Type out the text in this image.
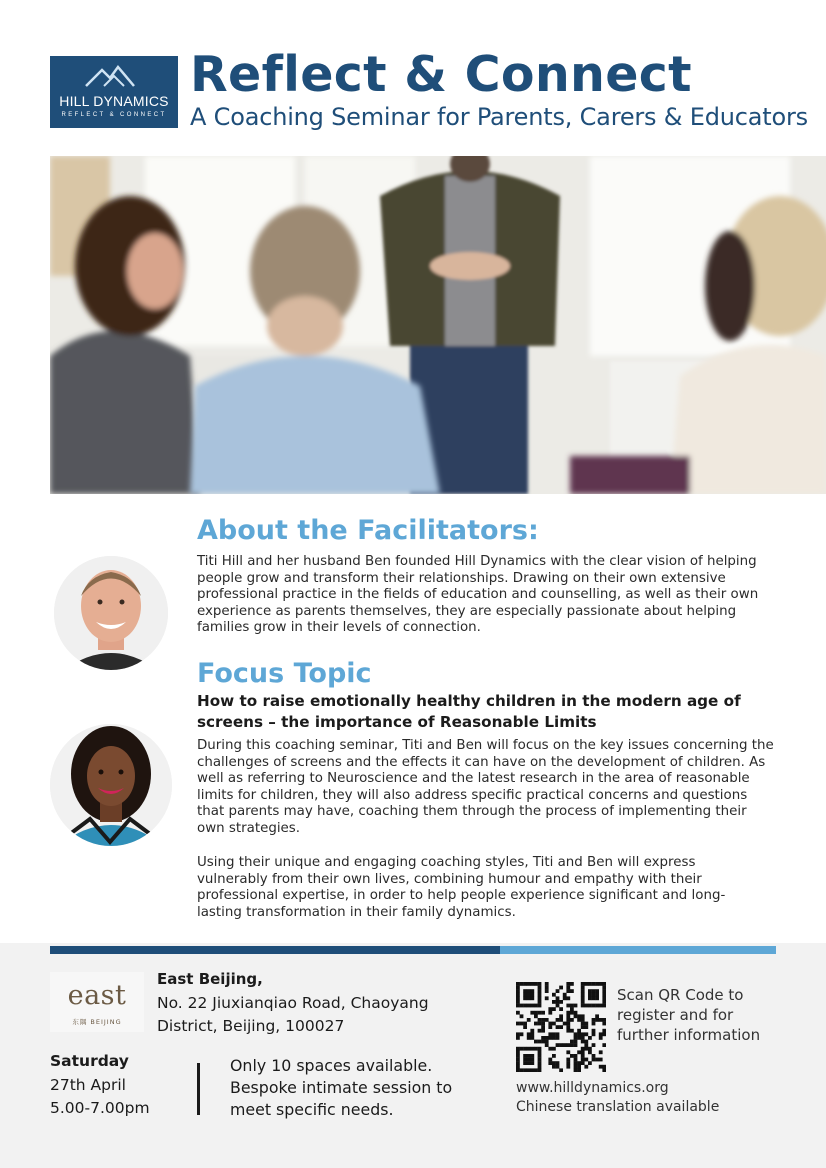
HILL DYNAMICS
REFLECT & CONNECT
Reflect & Connect
A Coaching Seminar for Parents, Carers & Educators
About the Facilitators:
Titi Hill and her husband Ben founded Hill Dynamics with the clear vision of helping people grow and transform their relationships. Drawing on their own extensive professional practice in the fields of education and counselling, as well as their own experience as parents themselves, they are especially passionate about helping families grow in their levels of connection.
Focus Topic
How to raise emotionally healthy children in the modern age of screens – the importance of Reasonable Limits
During this coaching seminar, Titi and Ben will focus on the key issues concerning the challenges of screens and the effects it can have on the development of children. As well as referring to Neuroscience and the latest research in the area of reasonable limits for children, they will also address specific practical concerns and questions that parents may have, coaching them through the process of implementing their own strategies.
Using their unique and engaging coaching styles, Titi and Ben will express vulnerably from their own lives, combining humour and empathy with their professional expertise, in order to help people experience significant and long-lasting transformation in their family dynamics.
east
东隅 BEIJING
East Beijing,
No. 22 Jiuxianqiao Road, Chaoyang District, Beijing, 100027
Saturday
27th April
5.00-7.00pm
Only 10 spaces available.
Bespoke intimate session to meet specific needs.
Scan QR Code to register and for further information
www.hilldynamics.org
Chinese translation available
